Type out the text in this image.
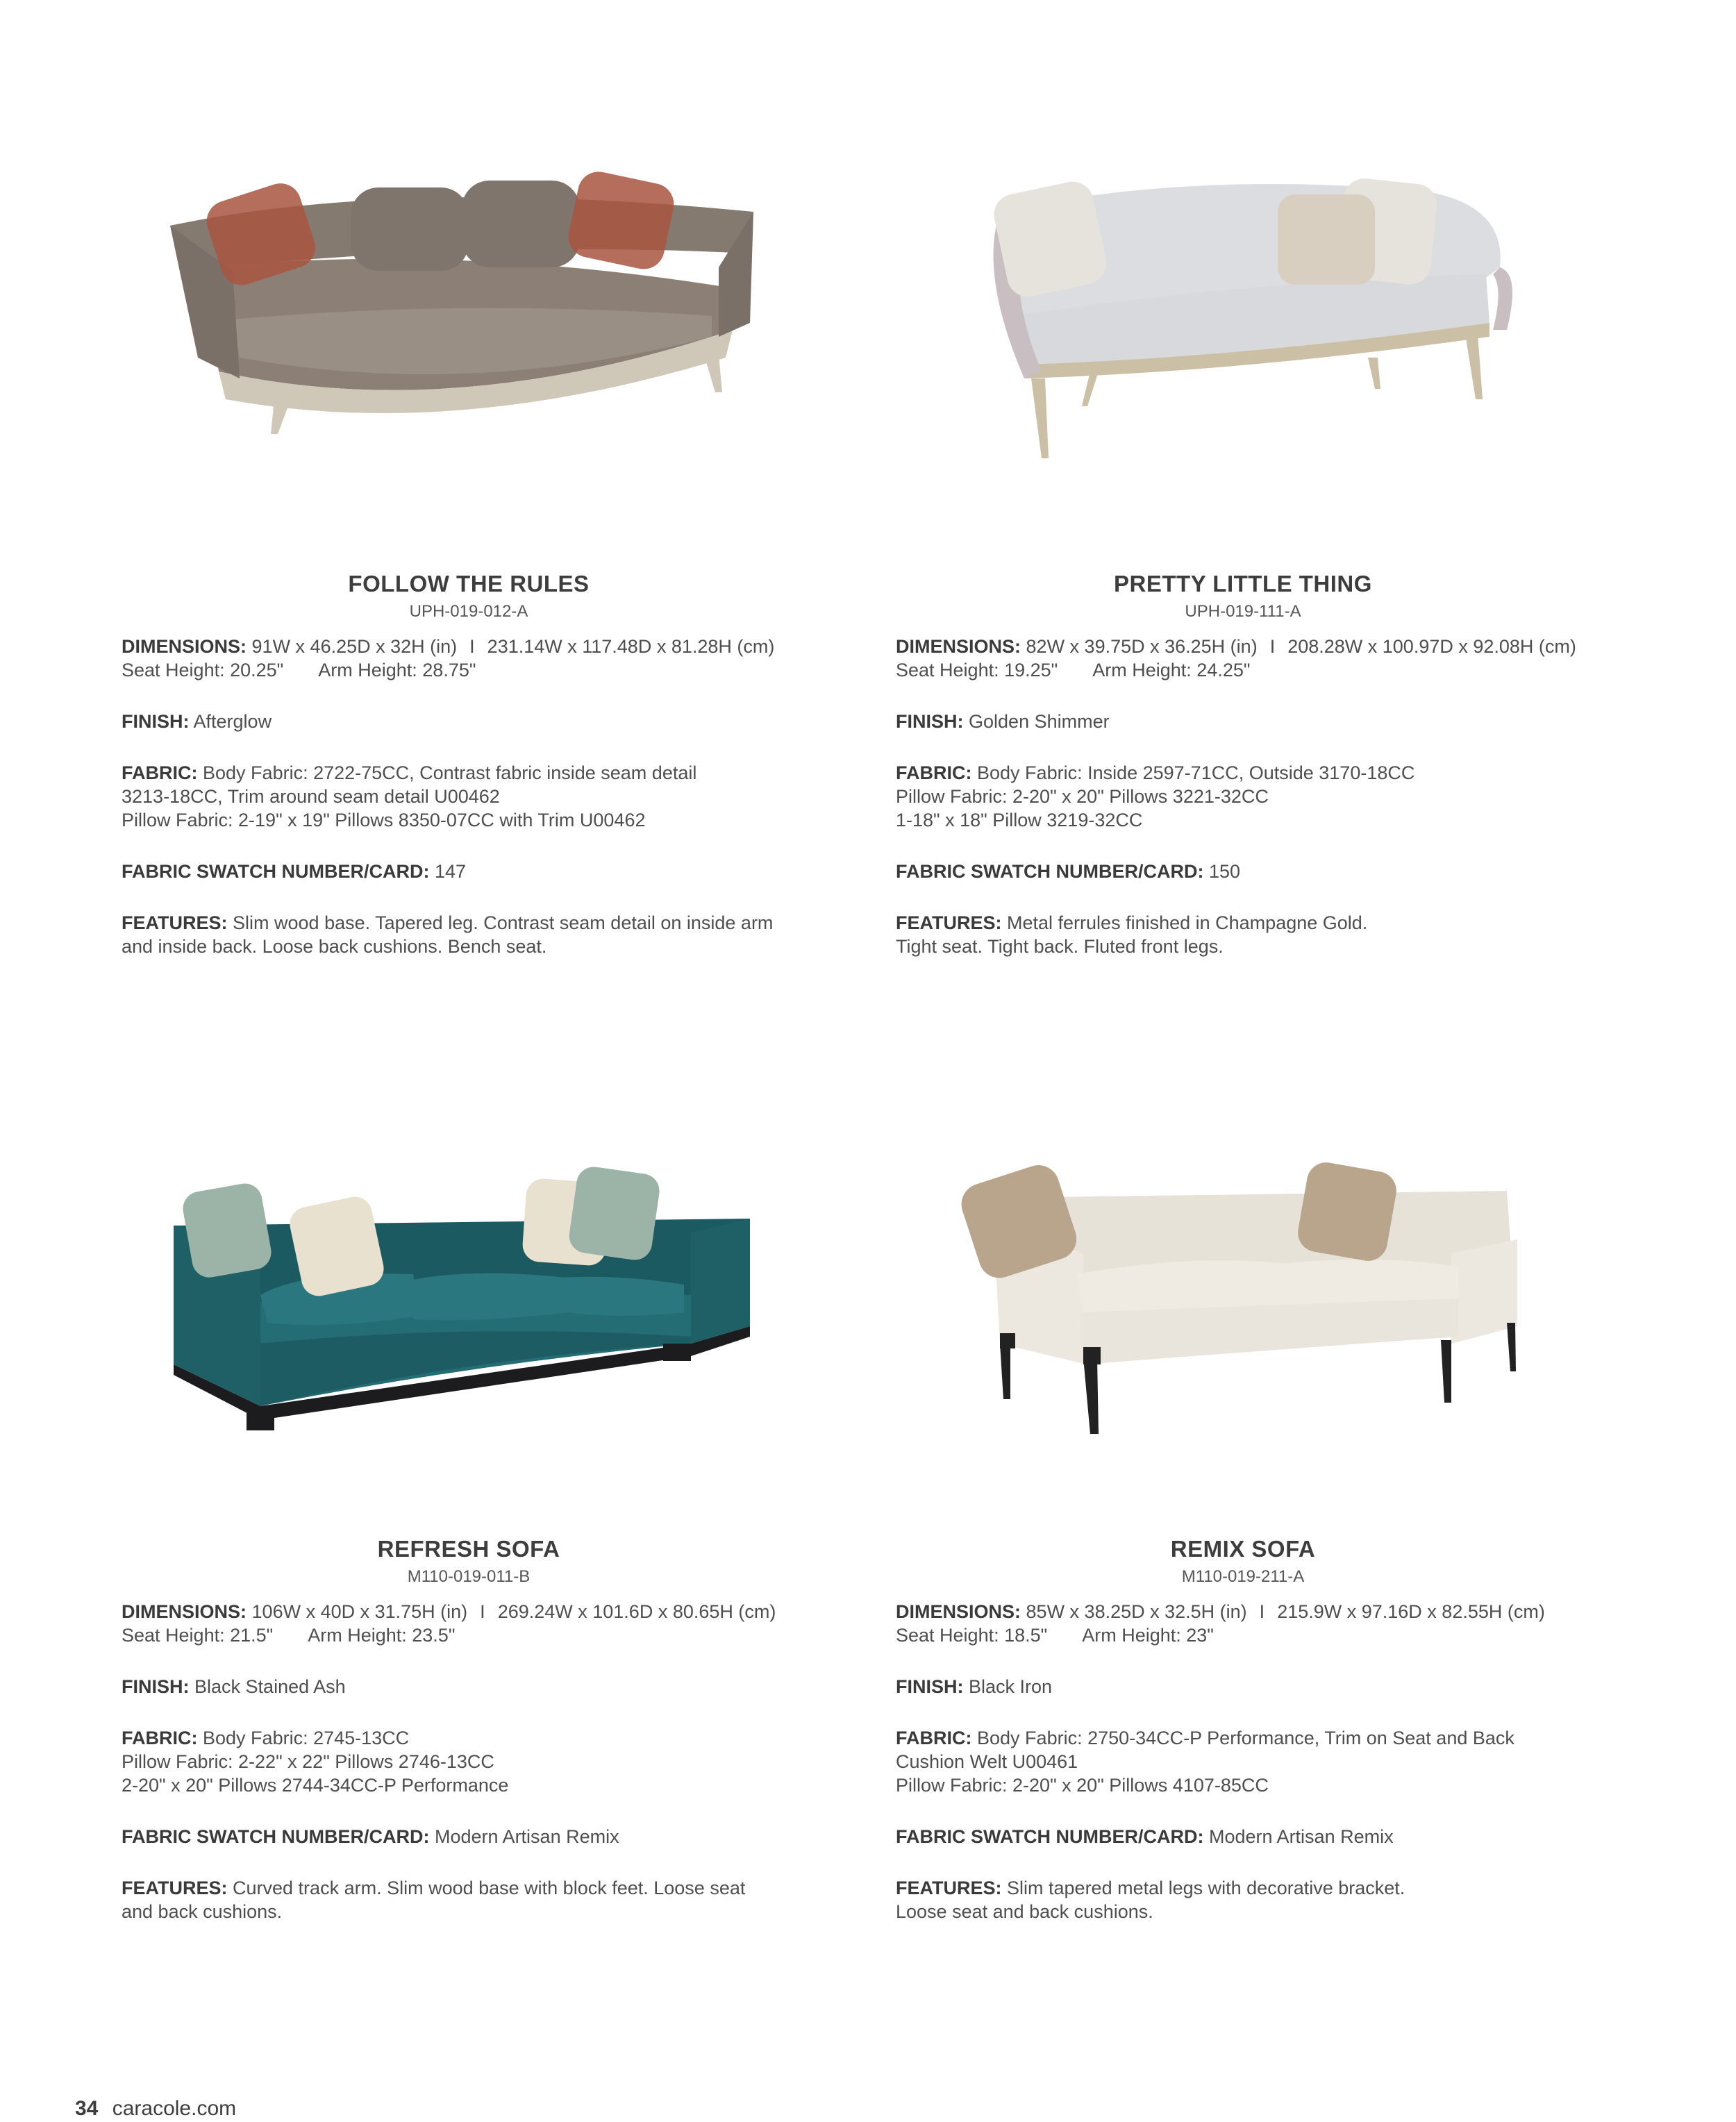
FOLLOW THE RULES
UPH-019-012-A
DIMENSIONS: 91W x 46.25D x 32H (in) I 231.14W x 117.48D x 81.28H (cm)
Seat Height: 20.25" Arm Height: 28.75"
FINISH: Afterglow
FABRIC: Body Fabric: 2722-75CC, Contrast fabric inside seam detail
3213-18CC, Trim around seam detail U00462
Pillow Fabric: 2-19" x 19" Pillows 8350-07CC with Trim U00462
FABRIC SWATCH NUMBER/CARD: 147
FEATURES: Slim wood base. Tapered leg. Contrast seam detail on inside arm
and inside back. Loose back cushions. Bench seat.
PRETTY LITTLE THING
UPH-019-111-A
DIMENSIONS: 82W x 39.75D x 36.25H (in) I 208.28W x 100.97D x 92.08H (cm)
Seat Height: 19.25" Arm Height: 24.25"
FINISH: Golden Shimmer
FABRIC: Body Fabric: Inside 2597-71CC, Outside 3170-18CC
Pillow Fabric: 2-20" x 20" Pillows 3221-32CC
1-18" x 18" Pillow 3219-32CC
FABRIC SWATCH NUMBER/CARD: 150
FEATURES: Metal ferrules finished in Champagne Gold.
Tight seat. Tight back. Fluted front legs.
REFRESH SOFA
M110-019-011-B
DIMENSIONS: 106W x 40D x 31.75H (in) I 269.24W x 101.6D x 80.65H (cm)
Seat Height: 21.5" Arm Height: 23.5"
FINISH: Black Stained Ash
FABRIC: Body Fabric: 2745-13CC
Pillow Fabric: 2-22" x 22" Pillows 2746-13CC
2-20" x 20" Pillows 2744-34CC-P Performance
FABRIC SWATCH NUMBER/CARD: Modern Artisan Remix
FEATURES: Curved track arm. Slim wood base with block feet. Loose seat
and back cushions.
REMIX SOFA
M110-019-211-A
DIMENSIONS: 85W x 38.25D x 32.5H (in) I 215.9W x 97.16D x 82.55H (cm)
Seat Height: 18.5" Arm Height: 23"
FINISH: Black Iron
FABRIC: Body Fabric: 2750-34CC-P Performance, Trim on Seat and Back
Cushion Welt U00461
Pillow Fabric: 2-20" x 20" Pillows 4107-85CC
FABRIC SWATCH NUMBER/CARD: Modern Artisan Remix
FEATURES: Slim tapered metal legs with decorative bracket.
Loose seat and back cushions.
34 caracole.com
